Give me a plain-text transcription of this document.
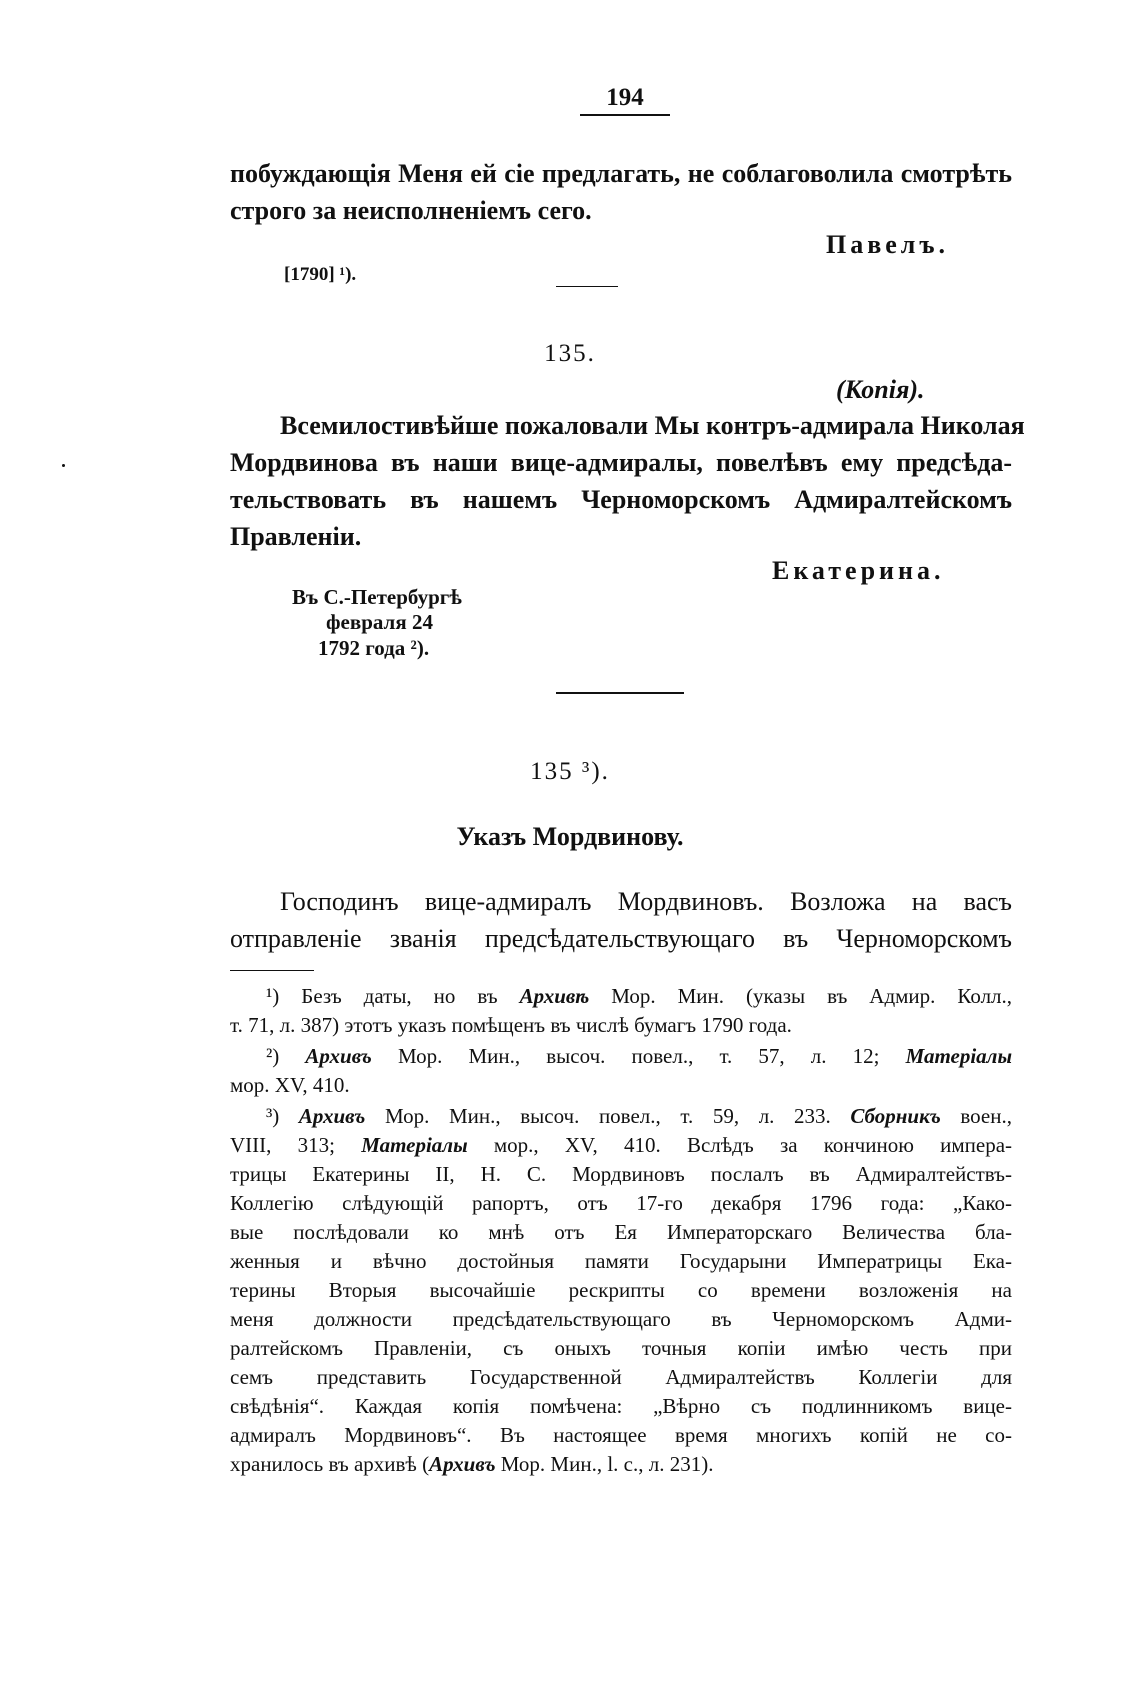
194
побуждающія Меня ей сіе предлагать, не соблаговолила смотрѣть
строго за неисполненіемъ сего.
Павелъ.
[1790] ¹).
135.
(Копія).
Всемилостивѣйше пожаловали Мы контръ-адмирала Николая
Мордвинова въ наши вице-адмиралы, повелѣвъ ему предсѣда-
тельствовать въ нашемъ Черноморскомъ Адмиралтейскомъ
Правленіи.
Екатерина.
Въ С.-Петербургѣ
февраля 24
1792 года ²).
135 ³).
Указъ Мордвинову.
Господинъ вице-адмиралъ Мордвиновъ. Возложа на васъ
отправленіе званія предсѣдательствующаго въ Черноморскомъ
¹) Безъ даты, но въ Архивѣ Мор. Мин. (указы въ Адмир. Колл.,
т. 71, л. 387) этотъ указъ помѣщенъ въ числѣ бумагъ 1790 года.
²) Архивъ Мор. Мин., высоч. повел., т. 57, л. 12; Матеріалы
мор. XV, 410.
³) Архивъ Мор. Мин., высоч. повел., т. 59, л. 233. Сборникъ воен.,
VIII, 313; Матеріалы мор., XV, 410. Вслѣдъ за кончиною импера-
трицы Екатерины II, Н. С. Мордвиновъ послалъ въ Адмиралтействъ-
Коллегію слѣдующій рапортъ, отъ 17-го декабря 1796 года: „Како-
вые послѣдовали ко мнѣ отъ Ея Императорскаго Величества бла-
женныя и вѣчно достойныя памяти Государыни Императрицы Ека-
терины Вторыя высочайшіе рескрипты со времени возложенія на
меня должности предсѣдательствующаго въ Черноморскомъ Адми-
ралтейскомъ Правленіи, съ оныхъ точныя копіи имѣю честь при
семъ представить Государственной Адмиралтействъ Коллегіи для
свѣдѣнія“. Каждая копія помѣчена: „Вѣрно съ подлинникомъ вице-
адмиралъ Мордвиновъ“. Въ настоящее время многихъ копій не со-
хранилось въ архивѣ (Архивъ Мор. Мин., l. с., л. 231).
